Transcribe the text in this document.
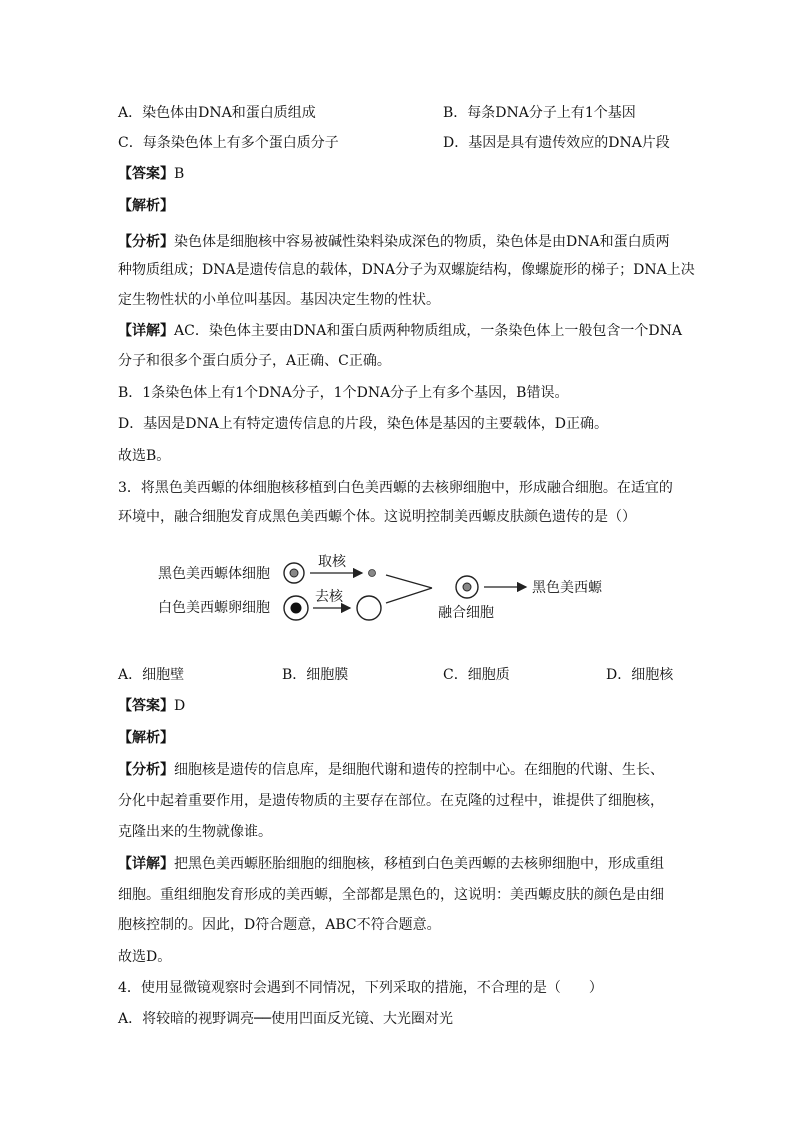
A．染色体由DNA和蛋白质组成	B．每条DNA分子上有1个基因
C．每条染色体上有多个蛋白质分子	D．基因是具有遗传效应的DNA片段
【答案】B
【解析】
【分析】染色体是细胞核中容易被碱性染料染成深色的物质，染色体是由DNA和蛋白质两
种物质组成；DNA是遗传信息的载体，DNA分子为双螺旋结构，像螺旋形的梯子；DNA上决
定生物性状的小单位叫基因。基因决定生物的性状。
【详解】AC．染色体主要由DNA和蛋白质两种物质组成，一条染色体上一般包含一个DNA
分子和很多个蛋白质分子，A正确、C正确。
B．1条染色体上有1个DNA分子，1个DNA分子上有多个基因，B错误。
D．基因是DNA上有特定遗传信息的片段，染色体是基因的主要载体，D正确。
故选B。
3．将黑色美西螈的体细胞核移植到白色美西螈的去核卵细胞中，形成融合细胞。在适宜的
环境中，融合细胞发育成黑色美西螈个体。这说明控制美西螈皮肤颜色遗传的是（）
黑色美西螈体细胞
取核
白色美西螈卵细胞
去核
融合细胞
黑色美西螈
A．细胞壁	B．细胞膜	C．细胞质	D．细胞核
【答案】D
【解析】
【分析】细胞核是遗传的信息库，是细胞代谢和遗传的控制中心。在细胞的代谢、生长、
分化中起着重要作用，是遗传物质的主要存在部位。在克隆的过程中，谁提供了细胞核，
克隆出来的生物就像谁。
【详解】把黑色美西螈胚胎细胞的细胞核，移植到白色美西螈的去核卵细胞中，形成重组
细胞。重组细胞发育形成的美西螈，全部都是黑色的，这说明：美西螈皮肤的颜色是由细
胞核控制的。因此，D符合题意，ABC不符合题意。
故选D。
4．使用显微镜观察时会遇到不同情况，下列采取的措施，不合理的是（　　）
A．将较暗的视野调亮──使用凹面反光镜、大光圈对光
